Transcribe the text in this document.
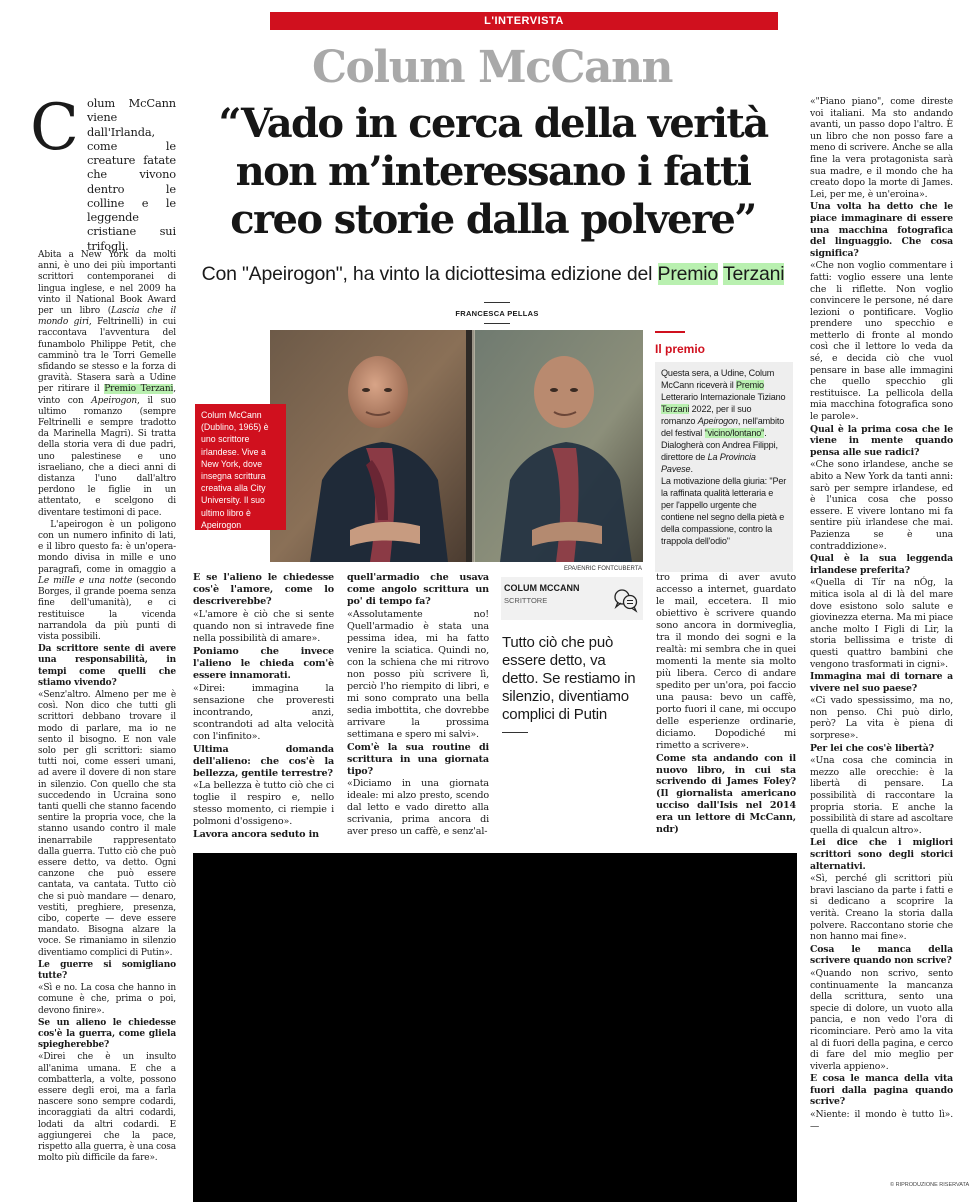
L'INTERVISTA
Colum McCann
“Vado in cerca della verità
non m’interessano i fatti
creo storie dalla polvere”
Con "Apeirogon", ha vinto la diciottesima edizione del Premio Terzani
FRANCESCA PELLAS
Colum McCann (Dublino, 1965) è uno scrittore irlandese. Vive a New York, dove insegna scrittura creativa alla City University. Il suo ultimo libro è Apeirogon (Feltrinelli)
EPA/ENRIC FONTCUBERTA
Il premio

Questa sera, a Udine, Colum McCann riceverà il Premio Letterario Internazionale Tiziano Terzani 2022, per il suo romanzo Apeirogon, nell'ambito del festival "vicino/lontano". Dialogherà con Andrea Filippi, direttore de La Provincia Pavese.

La motivazione della giuria: "Per la raffinata qualità letteraria e per l'appello urgente che contiene nel segno della pietà e della compassione, contro la trappola dell'odio"

C olum McCann viene dall'Irlanda, come le creature fatate che vivono dentro le colline e le leggende cristiane sui trifogli.

Abita a New York da molti anni, è uno dei più importanti scrittori contemporanei di lingua inglese, e nel 2009 ha vinto il National Book Award per un libro (Lascia che il mondo giri, Feltrinelli) in cui raccontava l'avventura del funambolo Philippe Petit, che camminò tra le Torri Gemelle sfidando se stesso e la forza di gravità. Stasera sarà a Udine per ritirare il Premio Terzani, vinto con Apeirogon, il suo ultimo romanzo (sempre Feltrinelli e sempre tradotto da Marinella Magri). Si tratta della storia vera di due padri, uno palestinese e uno israeliano, che a dieci anni di distanza l'uno dall'altro perdono le figlie in un attentato, e scelgono di diventare testimoni di pace.

L'apeirogon è un poligono con un numero infinito di lati, e il libro questo fa: è un'opera-mondo divisa in mille e uno paragrafi, come in omaggio a Le mille e una notte (secondo Borges, il grande poema senza fine dell'umanità), e ci restituisce la vicenda narrandola da più punti di vista possibili.

Da scrittore sente di avere una responsabilità, in tempi come quelli che stiamo vivendo?

«Senz'altro. Almeno per me è così. Non dico che tutti gli scrittori debbano trovare il modo di parlare, ma io ne sento il bisogno. E non vale solo per gli scrittori: siamo tutti noi, come esseri umani, ad avere il dovere di non stare in silenzio. Con quello che sta succedendo in Ucraina sono tanti quelli che stanno facendo sentire la propria voce, che la stanno usando contro il male inenarrabile rappresentato dalla guerra. Tutto ciò che può essere detto, va detto. Ogni canzone che può essere cantata, va cantata. Tutto ciò che si può mandare — denaro, vestiti, preghiere, presenza, cibo, coperte — deve essere mandato. Bisogna alzare la voce. Se rimaniamo in silenzio diventiamo complici di Putin».

Le guerre si somigliano tutte?

«Sì e no. La cosa che hanno in comune è che, prima o poi, devono finire».

Se un alieno le chiedesse cos'è la guerra, come gliela spiegherebbe?

«Direi che è un insulto all'anima umana. E che a combatterla, a volte, possono essere degli eroi, ma a farla nascere sono sempre codardi, incoraggiati da altri codardi, lodati da altri codardi. E aggiungerei che la pace, rispetto alla guerra, è una cosa molto più difficile da fare».

E se l'alieno le chiedesse cos'è l'amore, come lo descriverebbe?

«L'amore è ciò che si sente quando non si intravede fine nella possibilità di amare».

Poniamo che invece l'alieno le chieda com'è essere innamorati.

«Direi: immagina la sensazione che proveresti incontrando, anzi, scontrandoti ad alta velocità con l'infinito».

Ultima domanda dell'alieno: che cos'è la bellezza, gentile terrestre?

«La bellezza è tutto ciò che ci toglie il respiro e, nello stesso momento, ci riempie i polmoni d'ossigeno».

Lavora ancora seduto in

quell'armadio che usava come angolo scrittura un po' di tempo fa?

«Assolutamente no! Quell'armadio è stata una pessima idea, mi ha fatto venire la sciatica. Quindi no, con la schiena che mi ritrovo non posso più scrivere lì, perciò l'ho riempito di libri, e mi sono comprato una bella sedia imbottita, che dovrebbe arrivare la prossima settimana e spero mi salvi».

Com'è la sua routine di scrittura in una giornata tipo?

«Diciamo in una giornata ideale: mi alzo presto, scendo dal letto e vado diretto alla scrivania, prima ancora di aver preso un caffè, e senz'al-

COLUM MCCANN
SCRITTORE
Tutto ciò che può essere detto, va detto. Se restiamo in silenzio, diventiamo complici di Putin

tro prima di aver avuto accesso a internet, guardato le mail, eccetera. Il mio obiettivo è scrivere quando sono ancora in dormiveglia, tra il mondo dei sogni e la realtà: mi sembra che in quei momenti la mente sia molto più libera. Cerco di andare spedito per un'ora, poi faccio una pausa: bevo un caffè, porto fuori il cane, mi occupo delle esperienze ordinarie, diciamo. Dopodiché mi rimetto a scrivere».

Come sta andando con il nuovo libro, in cui sta scrivendo di James Foley? (Il giornalista americano ucciso dall'Isis nel 2014 era un lettore di McCann, ndr)

«"Piano piano", come direste voi italiani. Ma sto andando avanti, un passo dopo l'altro. È un libro che non posso fare a meno di scrivere. Anche se alla fine la vera protagonista sarà sua madre, e il mondo che ha creato dopo la morte di James. Lei, per me, è un'eroina».

Una volta ha detto che le piace immaginare di essere una macchina fotografica del linguaggio. Che cosa significa?

«Che non voglio commentare i fatti: voglio essere una lente che li riflette. Non voglio convincere le persone, né dare lezioni o pontificare. Voglio prendere uno specchio e metterlo di fronte al mondo così che il lettore lo veda da sé, e decida ciò che vuol pensare in base alle immagini che quello specchio gli restituisce. La pellicola della mia macchina fotografica sono le parole».

Qual è la prima cosa che le viene in mente quando pensa alle sue radici?

«Che sono irlandese, anche se abito a New York da tanti anni: sarò per sempre irlandese, ed è l'unica cosa che posso essere. E vivere lontano mi fa sentire più irlandese che mai. Pazienza se è una contraddizione».

Qual è la sua leggenda irlandese preferita?

«Quella di Tír na nÓg, la mitica isola al di là del mare dove esistono solo salute e giovinezza eterna. Ma mi piace anche molto I Figli di Lir, la storia bellissima e triste di questi quattro bambini che vengono trasformati in cigni».

Immagina mai di tornare a vivere nel suo paese?

«Ci vado spessissimo, ma no, non penso. Chi può dirlo, però? La vita è piena di sorprese».

Per lei che cos'è libertà?

«Una cosa che comincia in mezzo alle orecchie: è la libertà di pensare. La possibilità di raccontare la propria storia. E anche la possibilità di stare ad ascoltare quella di qualcun altro».

Lei dice che i migliori scrittori sono degli storici alternativi.

«Sì, perché gli scrittori più bravi lasciano da parte i fatti e si dedicano a scoprire la verità. Creano la storia dalla polvere. Raccontano storie che non hanno mai fine».

Cosa le manca della scrivere quando non scrive?

«Quando non scrivo, sento continuamente la mancanza della scrittura, sento una specie di dolore, un vuoto alla pancia, e non vedo l'ora di ricominciare. Però amo la vita al di fuori della pagina, e cerco di fare del mio meglio per viverla appieno».

E cosa le manca della vita fuori dalla pagina quando scrive?

«Niente: il mondo è tutto lì». —

© RIPRODUZIONE RISERVATA
